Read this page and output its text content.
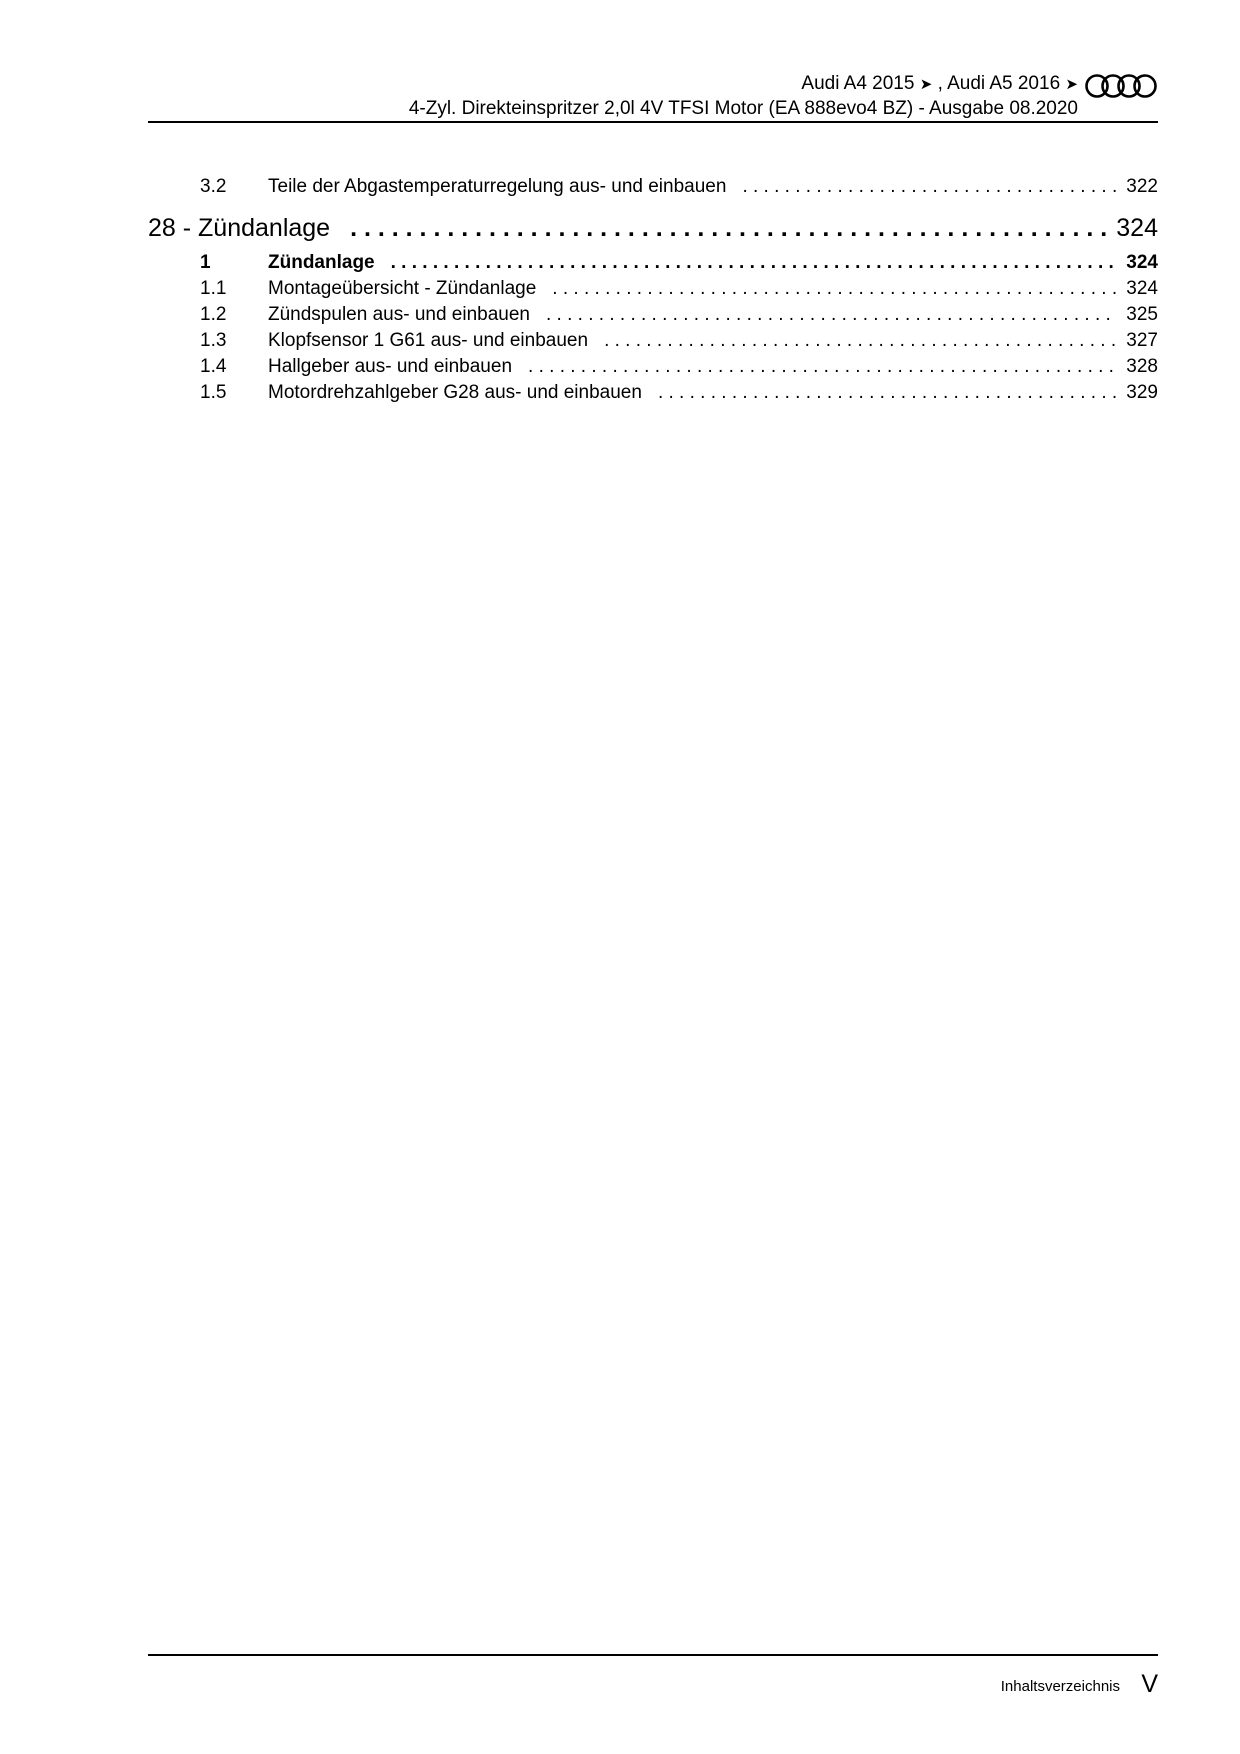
Audi A4 2015 ➤ , Audi A5 2016 ➤
4-Zyl. Direkteinspritzer 2,0l 4V TFSI Motor (EA 888evo4 BZ) - Ausgabe 08.2020
3.2	Teile der Abgastemperaturregelung aus- und einbauen . . .	322
28 - Zündanlage . . .	324
1	Zündanlage . . .	324
1.1	Montageübersicht - Zündanlage . . .	324
1.2	Zündspulen aus- und einbauen . . .	325
1.3	Klopfsensor 1 G61 aus- und einbauen . . .	327
1.4	Hallgeber aus- und einbauen . . .	328
1.5	Motordrehzahlgeber G28 aus- und einbauen . . .	329
Inhaltsverzeichnis V
